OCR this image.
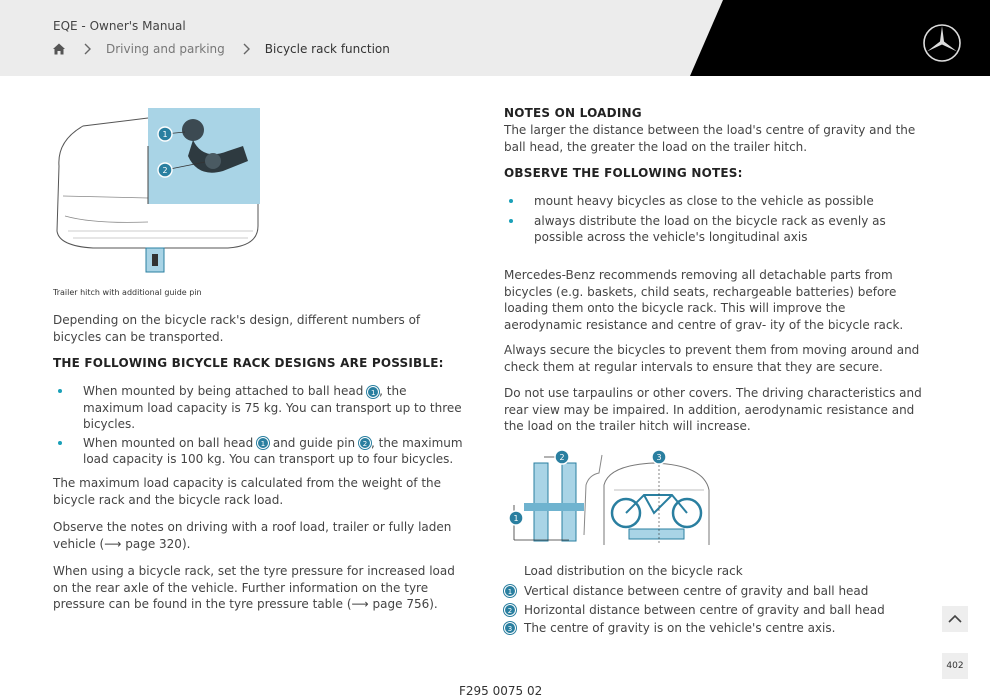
EQE - Owner's Manual
Driving and parking	Bicycle rack function
1
2
Trailer hitch with additional guide pin

Depending on the bicycle rack's design, different numbers of bicycles can be transported.

THE FOLLOWING BICYCLE RACK DESIGNS ARE POSSIBLE:
When mounted by being attached to ball head 1 , the maximum load capacity is 75 kg. You can transport up to three bicycles.
When mounted on ball head 1 and guide pin 2 , the maximum load capacity is 100 kg. You can transport up to four bicycles.

The maximum load capacity is calculated from the weight of the bicycle rack and the bicycle rack load.

Observe the notes on driving with a roof load, trailer or fully laden vehicle (⟶ page 320).

When using a bicycle rack, set the tyre pressure for increased load on the rear axle of the vehicle. Further information on the tyre pressure can be found in the tyre pressure table (⟶ page 756).

NOTES ON LOADING

The larger the distance between the load's centre of gravity and the ball head, the greater the load on the trailer hitch.

OBSERVE THE FOLLOWING NOTES:
mount heavy bicycles as close to the vehicle as possible
always distribute the load on the bicycle rack as evenly as possible across the vehicle's longitudinal axis

Mercedes-Benz recommends removing all detachable parts from bicycles (e.g. baskets, child seats, rechargeable batteries) before loading them onto the bicycle rack. This will improve the aerodynamic resistance and centre of grav- ity of the bicycle rack.

Always secure the bicycles to prevent them from moving around and check them at regular intervals to ensure that they are secure.

Do not use tarpaulins or other covers. The driving characteristics and rear view may be impaired. In addition, aerodynamic resistance and the load on the trailer hitch will increase.

2
1
3
Load distribution on the bicycle rack
1 Vertical distance between centre of gravity and ball head
2 Horizontal distance between centre of gravity and ball head
3 The centre of gravity is on the vehicle's centre axis.
F295 0075 02
402
